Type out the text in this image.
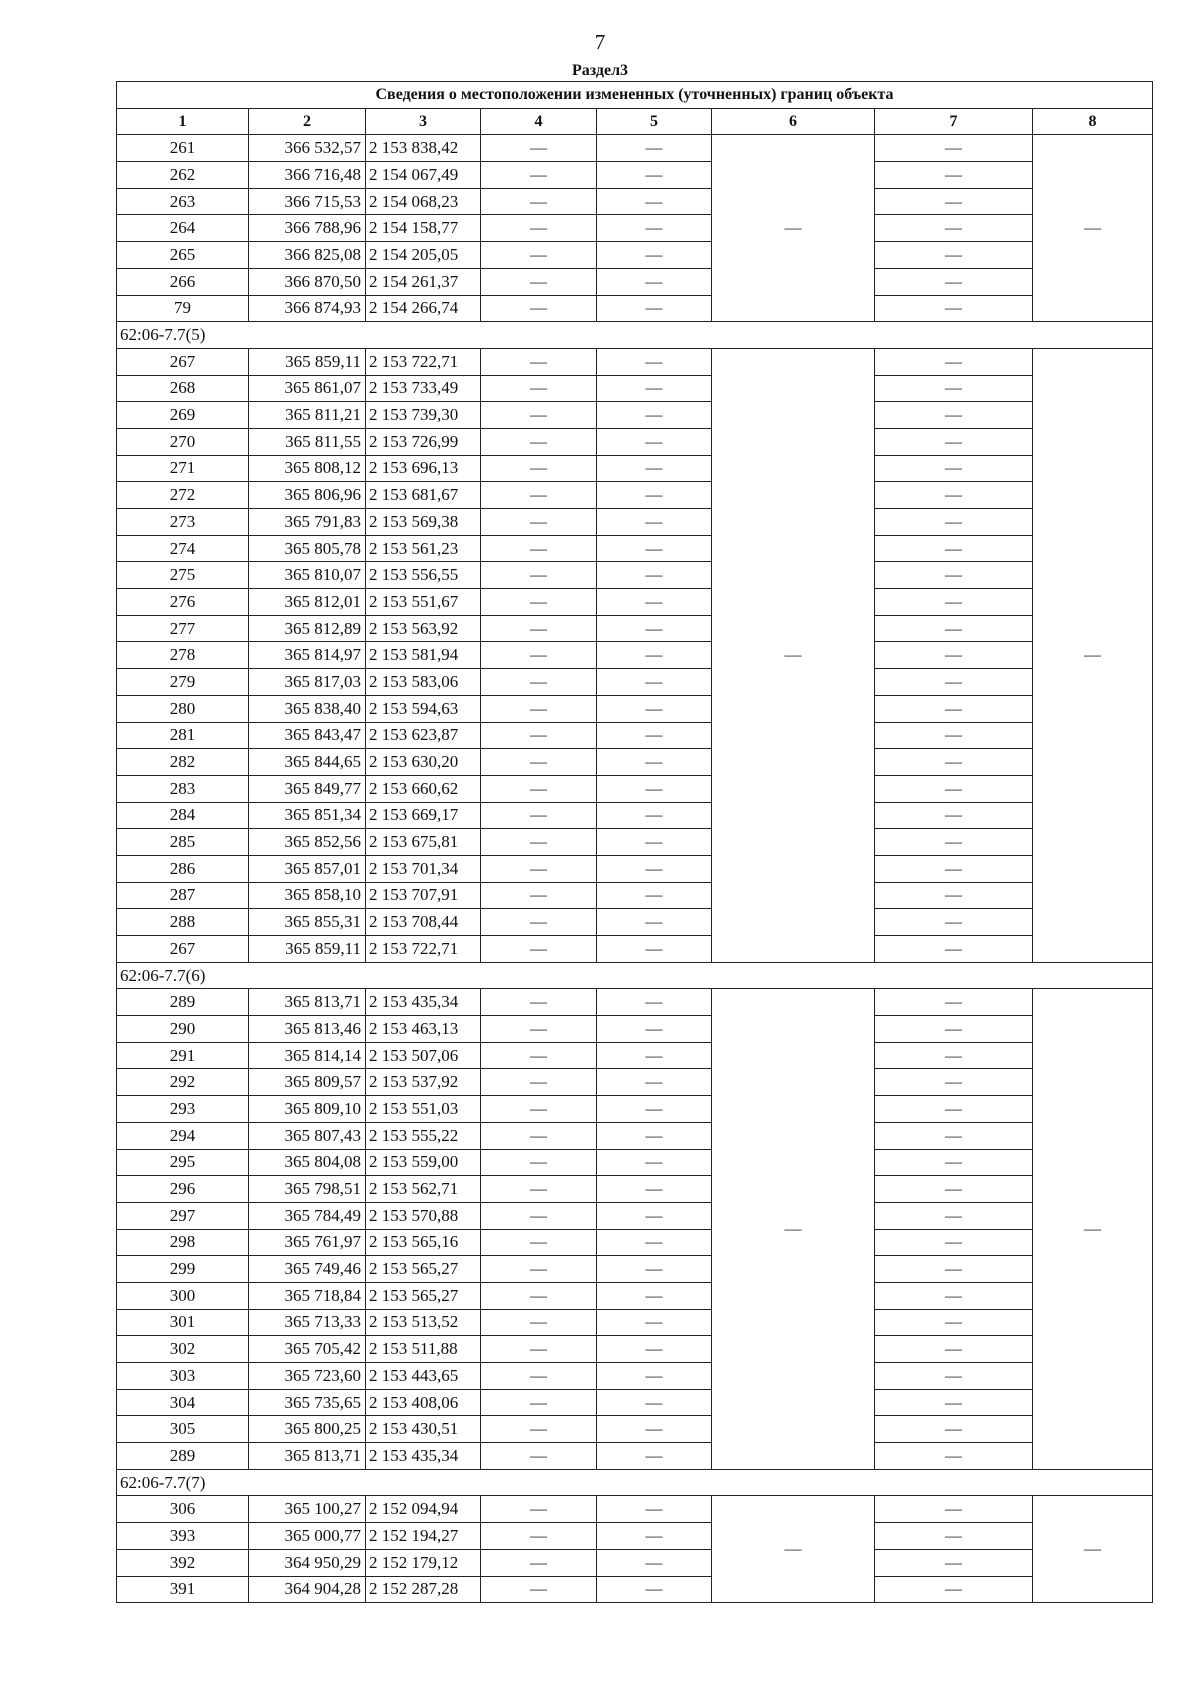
7
Раздел3
Сведения о местоположении измененных (уточненных) границ объекта							
1	2	3	4	5	6	7	8
261	366 532,57	2 153 838,42	—	—	—	—	—
262	366 716,48	2 154 067,49	—	—		—	
263	366 715,53	2 154 068,23	—	—		—	
264	366 788,96	2 154 158,77	—	—		—	
265	366 825,08	2 154 205,05	—	—		—	
266	366 870,50	2 154 261,37	—	—		—	
79	366 874,93	2 154 266,74	—	—		—	
62:06-7.7(5)							
267	365 859,11	2 153 722,71	—	—	—	—	—
268	365 861,07	2 153 733,49	—	—		—	
269	365 811,21	2 153 739,30	—	—		—	
270	365 811,55	2 153 726,99	—	—		—	
271	365 808,12	2 153 696,13	—	—		—	
272	365 806,96	2 153 681,67	—	—		—	
273	365 791,83	2 153 569,38	—	—		—	
274	365 805,78	2 153 561,23	—	—		—	
275	365 810,07	2 153 556,55	—	—		—	
276	365 812,01	2 153 551,67	—	—		—	
277	365 812,89	2 153 563,92	—	—		—	
278	365 814,97	2 153 581,94	—	—		—	
279	365 817,03	2 153 583,06	—	—		—	
280	365 838,40	2 153 594,63	—	—		—	
281	365 843,47	2 153 623,87	—	—		—	
282	365 844,65	2 153 630,20	—	—		—	
283	365 849,77	2 153 660,62	—	—		—	
284	365 851,34	2 153 669,17	—	—		—	
285	365 852,56	2 153 675,81	—	—		—	
286	365 857,01	2 153 701,34	—	—		—	
287	365 858,10	2 153 707,91	—	—		—	
288	365 855,31	2 153 708,44	—	—		—	
267	365 859,11	2 153 722,71	—	—		—	
62:06-7.7(6)							
289	365 813,71	2 153 435,34	—	—	—	—	—
290	365 813,46	2 153 463,13	—	—		—	
291	365 814,14	2 153 507,06	—	—		—	
292	365 809,57	2 153 537,92	—	—		—	
293	365 809,10	2 153 551,03	—	—		—	
294	365 807,43	2 153 555,22	—	—		—	
295	365 804,08	2 153 559,00	—	—		—	
296	365 798,51	2 153 562,71	—	—		—	
297	365 784,49	2 153 570,88	—	—		—	
298	365 761,97	2 153 565,16	—	—		—	
299	365 749,46	2 153 565,27	—	—		—	
300	365 718,84	2 153 565,27	—	—		—	
301	365 713,33	2 153 513,52	—	—		—	
302	365 705,42	2 153 511,88	—	—		—	
303	365 723,60	2 153 443,65	—	—		—	
304	365 735,65	2 153 408,06	—	—		—	
305	365 800,25	2 153 430,51	—	—		—	
289	365 813,71	2 153 435,34	—	—		—	
62:06-7.7(7)							
306	365 100,27	2 152 094,94	—	—	—	—	—
393	365 000,77	2 152 194,27	—	—		—	
392	364 950,29	2 152 179,12	—	—		—	
391	364 904,28	2 152 287,28	—	—		—	
